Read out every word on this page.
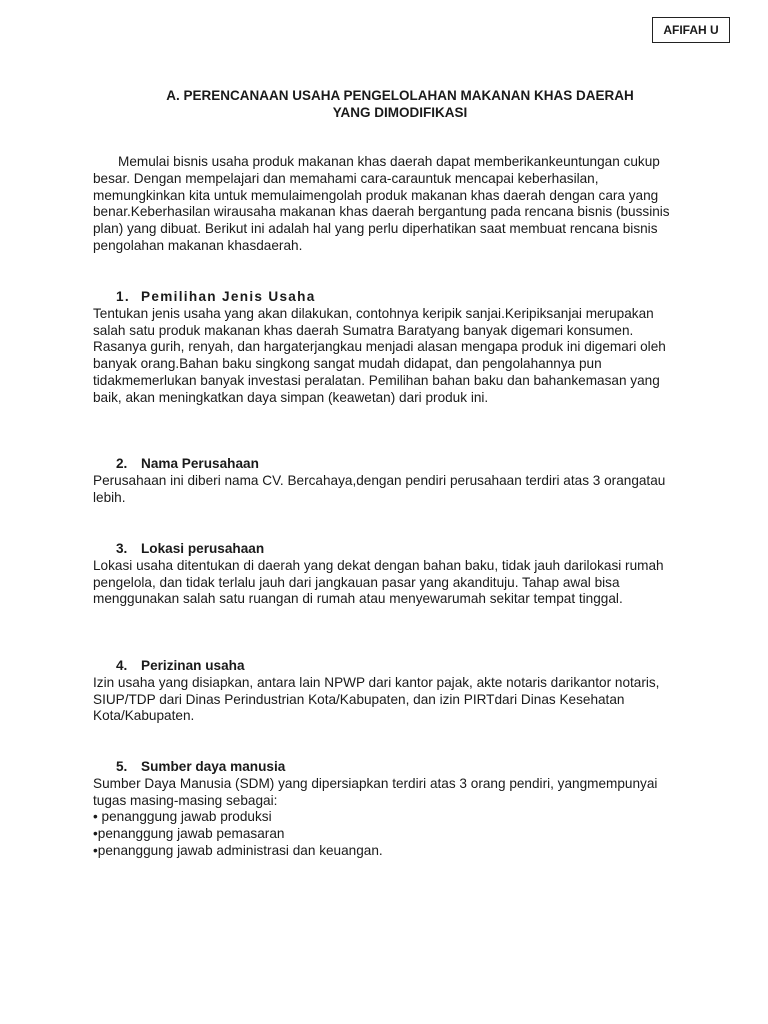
AFIFAH U
A. PERENCANAAN USAHA PENGELOLAHAN MAKANAN KHAS DAERAH
YANG DIMODIFIKASI
Memulai bisnis usaha produk makanan khas daerah dapat memberikankeuntungan cukup besar. Dengan mempelajari dan memahami cara-carauntuk mencapai keberhasilan, memungkinkan kita untuk memulaimengolah produk makanan khas daerah dengan cara yang benar.Keberhasilan wirausaha makanan khas daerah bergantung pada rencana bisnis (bussinis plan) yang dibuat. Berikut ini adalah hal yang perlu diperhatikan saat membuat rencana bisnis pengolahan makanan khasdaerah.
1. Pemilihan Jenis Usaha
Tentukan jenis usaha yang akan dilakukan, contohnya keripik sanjai.Keripiksanjai merupakan salah satu produk makanan khas daerah Sumatra Baratyang banyak digemari konsumen. Rasanya gurih, renyah, dan hargaterjangkau menjadi alasan mengapa produk ini digemari oleh banyak orang.Bahan baku singkong sangat mudah didapat, dan pengolahannya pun tidakmemerlukan banyak investasi peralatan. Pemilihan bahan baku dan bahankemasan yang baik, akan meningkatkan daya simpan (keawetan) dari produk ini.
2. Nama Perusahaan
Perusahaan ini diberi nama CV. Bercahaya,dengan pendiri perusahaan terdiri atas 3 orangatau lebih.
3. Lokasi perusahaan
Lokasi usaha ditentukan di daerah yang dekat dengan bahan baku, tidak jauh darilokasi rumah pengelola, dan tidak terlalu jauh dari jangkauan pasar yang akandituju. Tahap awal bisa menggunakan salah satu ruangan di rumah atau menyewarumah sekitar tempat tinggal.
4. Perizinan usaha
Izin usaha yang disiapkan, antara lain NPWP dari kantor pajak, akte notaris darikantor notaris, SIUP/TDP dari Dinas Perindustrian Kota/Kabupaten, dan izin PIRTdari Dinas Kesehatan Kota/Kabupaten.
5. Sumber daya manusia
Sumber Daya Manusia (SDM) yang dipersiapkan terdiri atas 3 orang pendiri, yangmempunyai tugas masing-masing sebagai:
• penanggung jawab produksi
•penanggung jawab pemasaran
•penanggung jawab administrasi dan keuangan.
